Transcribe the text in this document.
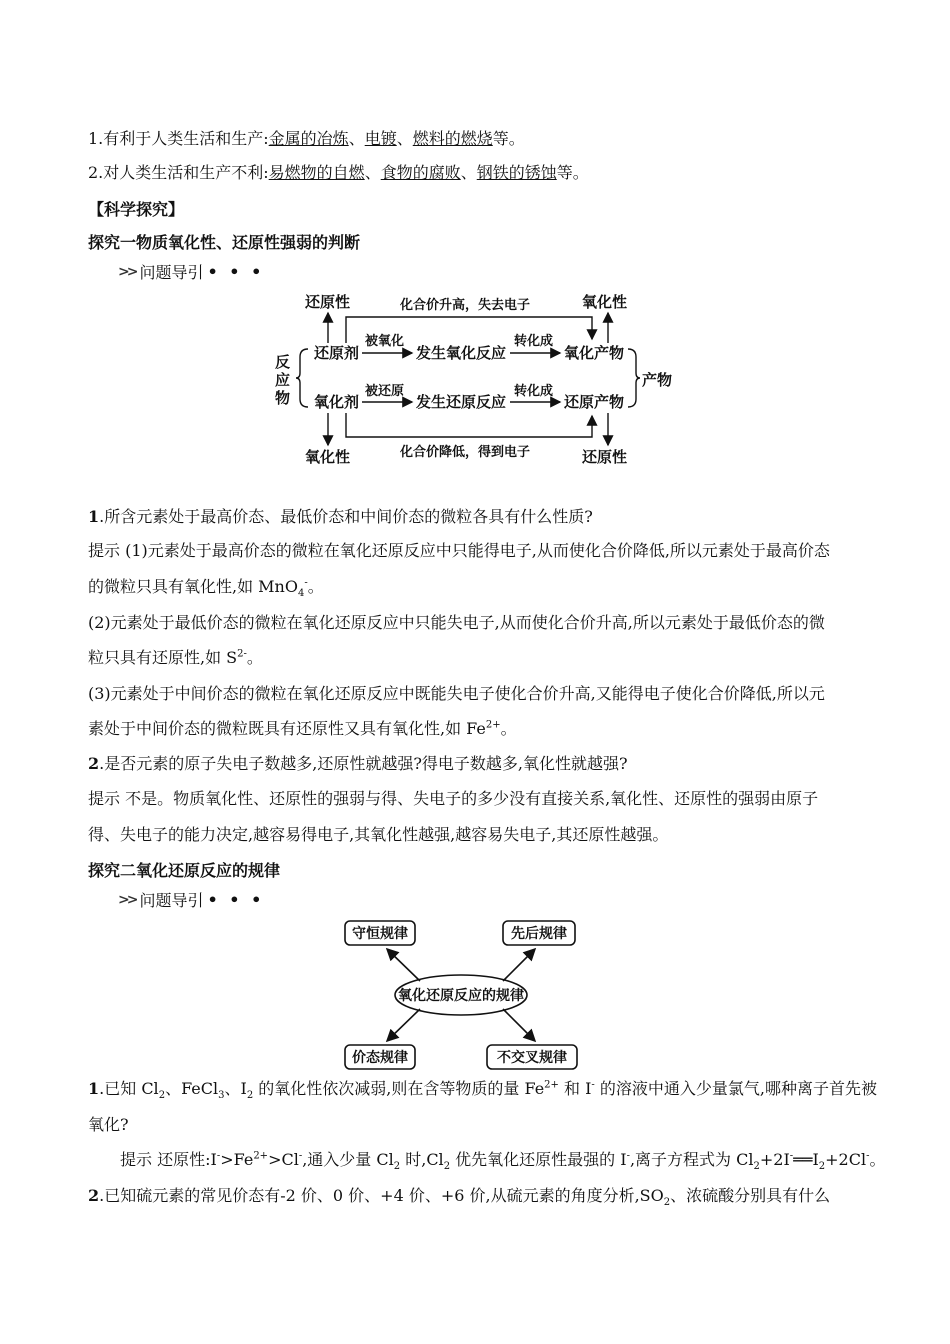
1.有利于人类生活和生产:金属的冶炼、电镀、燃料的燃烧等。
2.对人类生活和生产不利:易燃物的自燃、食物的腐败、钢铁的锈蚀等。
【科学探究】
探究一物质氧化性、还原性强弱的判断
>> 问题导引 • • •
还原性	氧化性
还原剂	发生氧化反应	氧化产物
氧化剂	发生还原反应	还原产物
产物
氧化性	还原性
反
应
物
化合价升高，失去电子
被氧化	转化成
被还原	转化成
化合价降低，得到电子
1.所含元素处于最高价态、最低价态和中间价态的微粒各具有什么性质?
提示 (1)元素处于最高价态的微粒在氧化还原反应中只能得电子,从而使化合价降低,所以元素处于最高价态
的微粒只具有氧化性,如 MnO$_4$-。
(2)元素处于最低价态的微粒在氧化还原反应中只能失电子,从而使化合价升高,所以元素处于最低价态的微
粒只具有还原性,如 $S^{2-}$。
(3)元素处于中间价态的微粒在氧化还原反应中既能失电子使化合价升高,又能得电子使化合价降低,所以元
素处于中间价态的微粒既具有还原性又具有氧化性,如 $Fe^{2+}$。
2.是否元素的原子失电子数越多,还原性就越强?得电子数越多,氧化性就越强?
提示 不是。物质氧化性、还原性的强弱与得、失电子的多少没有直接关系,氧化性、还原性的强弱由原子
得、失电子的能力决定,越容易得电子,其氧化性越强,越容易失电子,其还原性越强。
探究二氧化还原反应的规律
>> 问题导引 • • •
氧化还原反应的规律
守恒规律	先后规律
价态规律	不交叉规律
1.已知 $Cl_2$、FeCl$_3$、$I_2$ 的氧化性依次减弱,则在含等物质的量 $Fe^{2+}$ 和 I- 的溶液中通入少量氯气,哪种离子首先被
氧化?
提示 还原性$:I^->Fe^{2+}>Cl^-$,通入少量 $Cl_2$ 时$,Cl_2$ 优先氧化还原性最强的 I-,离子方程式为 $Cl_2+2I^-══I_2+2Cl^-$。
2.已知硫元素的常见价态有-2 价、0 价、+4 价、+6 价,从硫元素的角度分析$,SO_2$、浓硫酸分别具有什么
